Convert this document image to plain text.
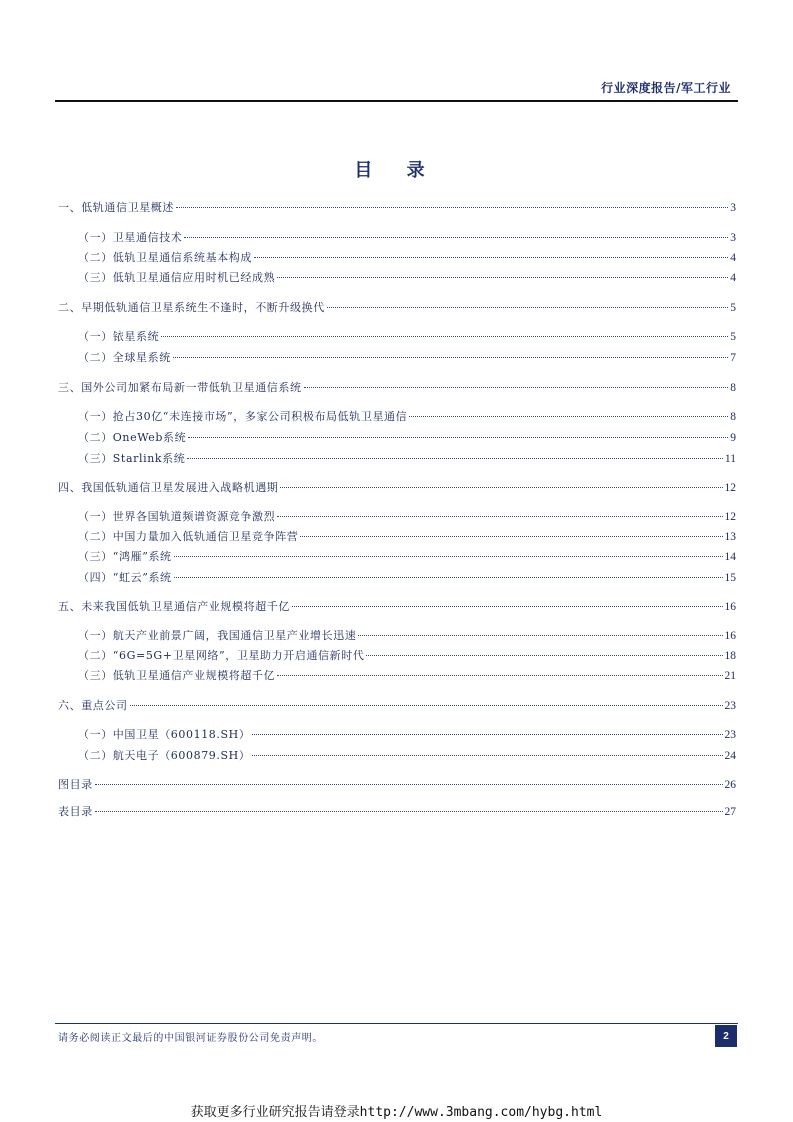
行业深度报告/军工行业
目 录
一、低轨通信卫星概述	3
（一）卫星通信技术	3
（二）低轨卫星通信系统基本构成	4
（三）低轨卫星通信应用时机已经成熟	4
二、早期低轨通信卫星系统生不逢时，不断升级换代	5
（一）铱星系统	5
（二）全球星系统	7
三、国外公司加紧布局新一带低轨卫星通信系统	8
（一）抢占30亿“未连接市场”，多家公司积极布局低轨卫星通信	8
（二）OneWeb系统	9
（三）Starlink系统	11
四、我国低轨通信卫星发展进入战略机遇期	12
（一）世界各国轨道频谱资源竞争激烈	12
（二）中国力量加入低轨通信卫星竞争阵营	13
（三）“鸿雁”系统	14
（四）“虹云”系统	15
五、未来我国低轨卫星通信产业规模将超千亿	16
（一）航天产业前景广阔，我国通信卫星产业增长迅速	16
（二）“6G=5G+卫星网络”，卫星助力开启通信新时代	18
（三）低轨卫星通信产业规模将超千亿	21
六、重点公司	23
（一）中国卫星（600118.SH）	23
（二）航天电子（600879.SH）	24
图目录	26
表目录	27
请务必阅读正文最后的中国银河证券股份公司免责声明。	2
获取更多行业研究报告请登录http://www.3mbang.com/hybg.html
